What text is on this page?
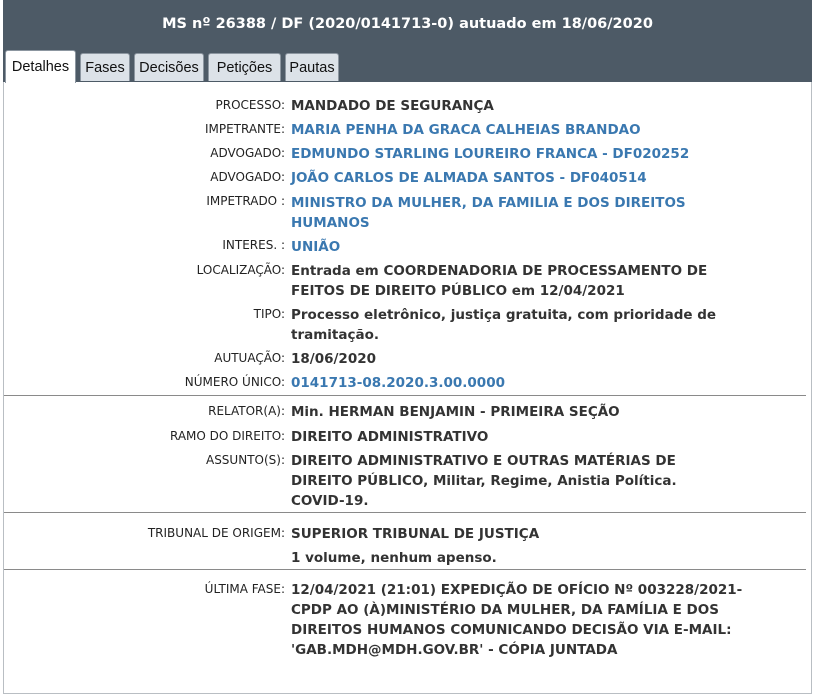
MS nº 26388 / DF (2020/0141713-0) autuado em 18/06/2020
Detalhes	Fases Decisões	Petições	Pautas
PROCESSO: MANDADO DE SEGURANÇA
IMPETRANTE: MARIA PENHA DA GRACA CALHEIAS BRANDAO
ADVOGADO: EDMUNDO STARLING LOUREIRO FRANCA - DF020252
ADVOGADO: JOÃO CARLOS DE ALMADA SANTOS - DF040514
IMPETRADO : MINISTRO DA MULHER, DA FAMILIA E DOS DIREITOS HUMANOS
INTERES. : UNIÃO
LOCALIZAÇÃO: Entrada em COORDENADORIA DE PROCESSAMENTO DE FEITOS DE DIREITO PÚBLICO em 12/04/2021
TIPO: Processo eletrônico, justiça gratuita, com prioridade de tramitação.
AUTUAÇÃO: 18/06/2020
NÚMERO ÚNICO: 0141713-08.2020.3.00.0000
RELATOR(A): Min. HERMAN BENJAMIN - PRIMEIRA SEÇÃO
RAMO DO DIREITO: DIREITO ADMINISTRATIVO
ASSUNTO(S): DIREITO ADMINISTRATIVO E OUTRAS MATÉRIAS DE DIREITO PÚBLICO, Militar, Regime, Anistia Política. COVID-19.
TRIBUNAL DE ORIGEM: SUPERIOR TRIBUNAL DE JUSTIÇA
1 volume, nenhum apenso.
ÚLTIMA FASE: 12/04/2021 (21:01) EXPEDIÇÃO DE OFÍCIO Nº 003228/2021-CPDP AO (À)MINISTÉRIO DA MULHER, DA FAMÍLIA E DOS DIREITOS HUMANOS COMUNICANDO DECISÃO VIA E-MAIL: 'GAB.MDH@MDH.GOV.BR' - CÓPIA JUNTADA
